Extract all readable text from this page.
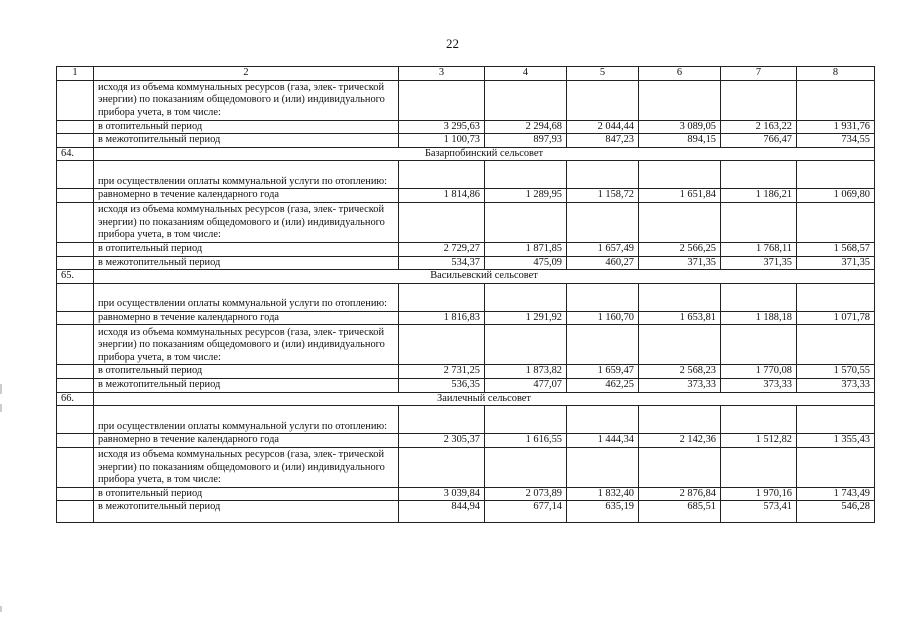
22
1	2	3	4	5	6	7	8
	исходя из объема коммунальных ресурсов (газа, элек- трической энергии) по показаниям общедомового и (или) индивидуального прибора учета, в том числе:						
	в отопительный период	3 295,63	2 294,68	2 044,44	3 089,05	2 163,22	1 931,76
	в межотопительный период	1 100,73	897,93	847,23	894,15	766,47	734,55
64.	Базарпобинский сельсовет						
	при осуществлении оплаты коммунальной услуги по отоплению:						
	равномерно в течение календарного года	1 814,86	1 289,95	1 158,72	1 651,84	1 186,21	1 069,80
	исходя из объема коммунальных ресурсов (газа, элек- трической энергии) по показаниям общедомового и (или) индивидуального прибора учета, в том числе:						
	в отопительный период	2 729,27	1 871,85	1 657,49	2 566,25	1 768,11	1 568,57
	в межотопительный период	534,37	475,09	460,27	371,35	371,35	371,35
65.	Васильевский сельсовет						
	при осуществлении оплаты коммунальной услуги по отоплению:						
	равномерно в течение календарного года	1 816,83	1 291,92	1 160,70	1 653,81	1 188,18	1 071,78
	исходя из объема коммунальных ресурсов (газа, элек- трической энергии) по показаниям общедомового и (или) индивидуального прибора учета, в том числе:						
	в отопительный период	2 731,25	1 873,82	1 659,47	2 568,23	1 770,08	1 570,55
	в межотопительный период	536,35	477,07	462,25	373,33	373,33	373,33
66.	Заилечный сельсовет						
	при осуществлении оплаты коммунальной услуги по отоплению:						
	равномерно в течение календарного года	2 305,37	1 616,55	1 444,34	2 142,36	1 512,82	1 355,43
	исходя из объема коммунальных ресурсов (газа, элек- трической энергии) по показаниям общедомового и (или) индивидуального прибора учета, в том числе:						
	в отопительный период	3 039,84	2 073,89	1 832,40	2 876,84	1 970,16	1 743,49
	в межотопительный период	844,94	677,14	635,19	685,51	573,41	546,28
